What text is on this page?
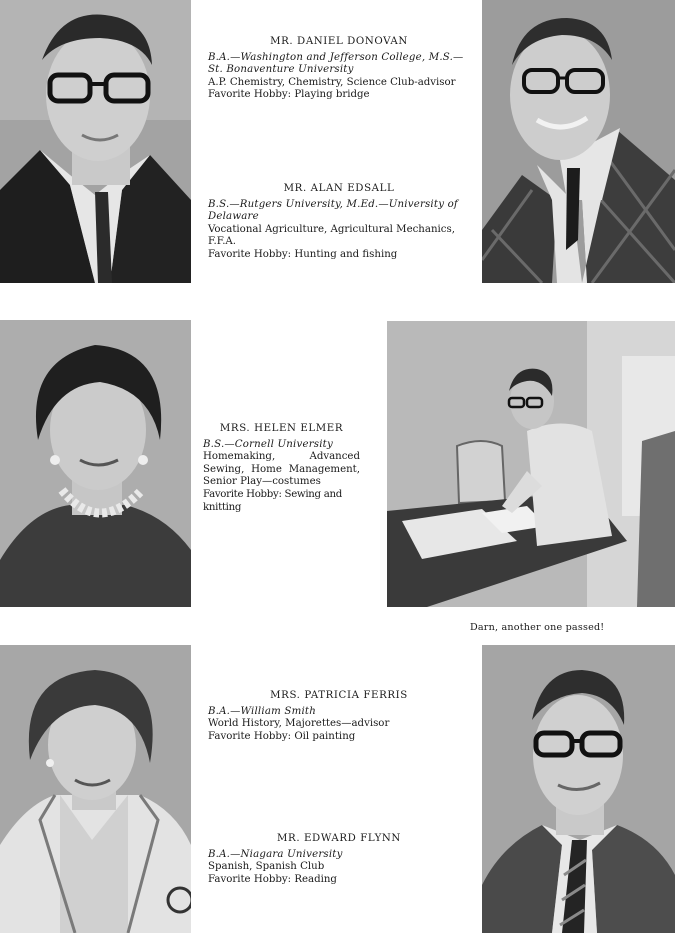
MR. DANIEL DONOVAN
B.A.—Washington and Jefferson College, M.S.—St. Bonaventure University
A.P. Chemistry, Chemistry, Science Club-advisor
Favorite Hobby: Playing bridge
MR. ALAN EDSALL
B.S.—Rutgers University, M.Ed.—University of Delaware
Vocational Agriculture, Agricultural Mechanics, F.F.A.
Favorite Hobby: Hunting and fishing
MRS. HELEN ELMER
B.S.—Cornell University
Homemaking, Advanced Sewing, Home Management, Senior Play—costumes
Favorite Hobby: Sewing and knitting
Darn, another one passed!
MRS. PATRICIA FERRIS
B.A.—William Smith
World History, Majorettes—advisor
Favorite Hobby: Oil painting
MR. EDWARD FLYNN
B.A.—Niagara University
Spanish, Spanish Club
Favorite Hobby: Reading
